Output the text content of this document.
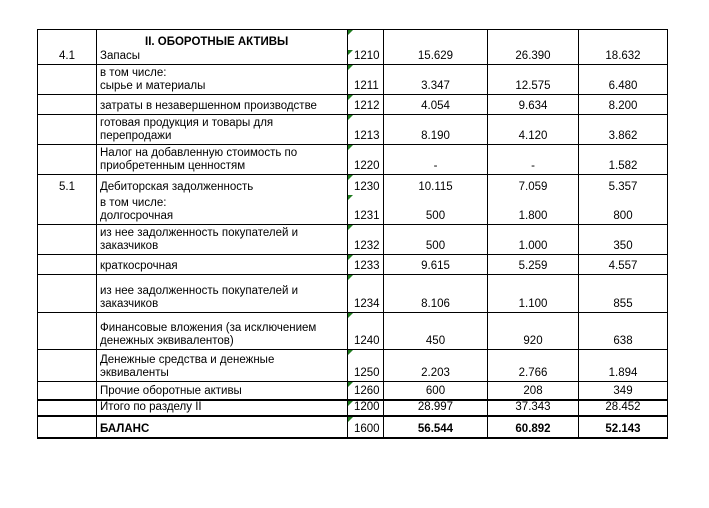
	II. ОБОРОТНЫЕ АКТИВЫ	

4.1	Запасы	1210	15.629	26.390	18.632

	в том числе:
сырье и материалы	1211	3.347	12.575	6.480

	затраты в незавершенном производстве	1212	4.054	9.634	8.200

	готовая продукция и товары для
перепродажи	1213	8.190	4.120	3.862

	Налог на добавленную стоимость по
приобретенным ценностям	1220	-	-	1.582
5.1	Дебиторская задолженность	1230	10.115	7.059	5.357

	в том числе:
долгосрочная	1231	500	1.800	800

	из нее задолженность покупателей и
заказчиков	1232	500	1.000	350

	краткосрочная	1233	9.615	5.259	4.557

	из нее задолженность покупателей и
заказчиков	1234	8.106	1.100	855

	Финансовые вложения (за исключением
денежных эквивалентов)	1240	450	920	638

	Денежные средства и денежные
эквиваленты	1250	2.203	2.766	1.894

	Прочие оборотные активы	1260	600	208	349

	Итого по разделу II	1200	28.997	37.343	28.452

	БАЛАНС	1600	56.544	60.892	52.143
